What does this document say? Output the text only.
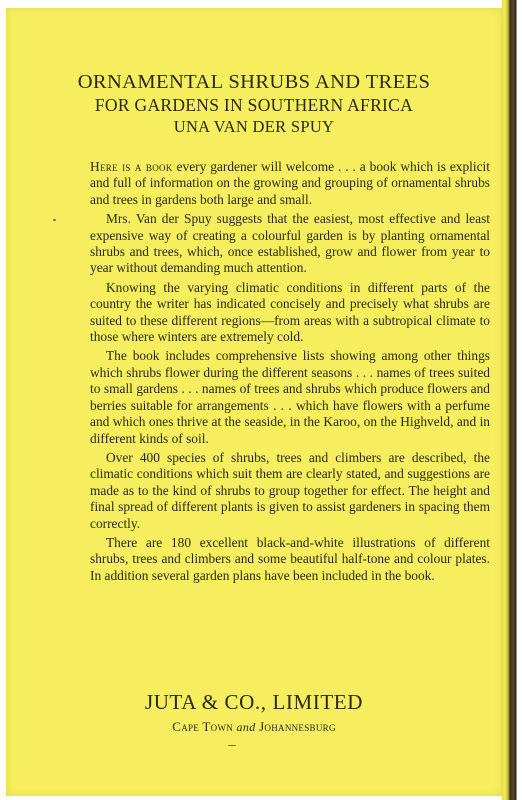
ORNAMENTAL SHRUBS AND TREES
FOR GARDENS IN SOUTHERN AFRICA
UNA VAN DER SPUY

Here is a book every gardener will welcome . . . a book which is explicit and full of information on the growing and grouping of ornamental shrubs and trees in gardens both large and small.

Mrs. Van der Spuy suggests that the easiest, most effective and least expensive way of creating a colourful garden is by planting ornamental shrubs and trees, which, once established, grow and flower from year to year without demanding much attention.

Knowing the varying climatic conditions in different parts of the country the writer has indicated concisely and precisely what shrubs are suited to these different regions—from areas with a subtropical climate to those where winters are extremely cold.

The book includes comprehensive lists showing among other things which shrubs flower during the different seasons . . . names of trees suited to small gardens . . . names of trees and shrubs which produce flowers and berries suitable for arrangements . . . which have flowers with a perfume and which ones thrive at the seaside, in the Karoo, on the Highveld, and in different kinds of soil.

Over 400 species of shrubs, trees and climbers are described, the climatic conditions which suit them are clearly stated, and suggestions are made as to the kind of shrubs to group together for effect. The height and final spread of different plants is given to assist gardeners in spacing them correctly.

There are 180 excellent black-and-white illustrations of different shrubs, trees and climbers and some beautiful half-tone and colour plates. In addition several garden plans have been included in the book.

JUTA & CO., LIMITED
Cape Town and Johannesburg
